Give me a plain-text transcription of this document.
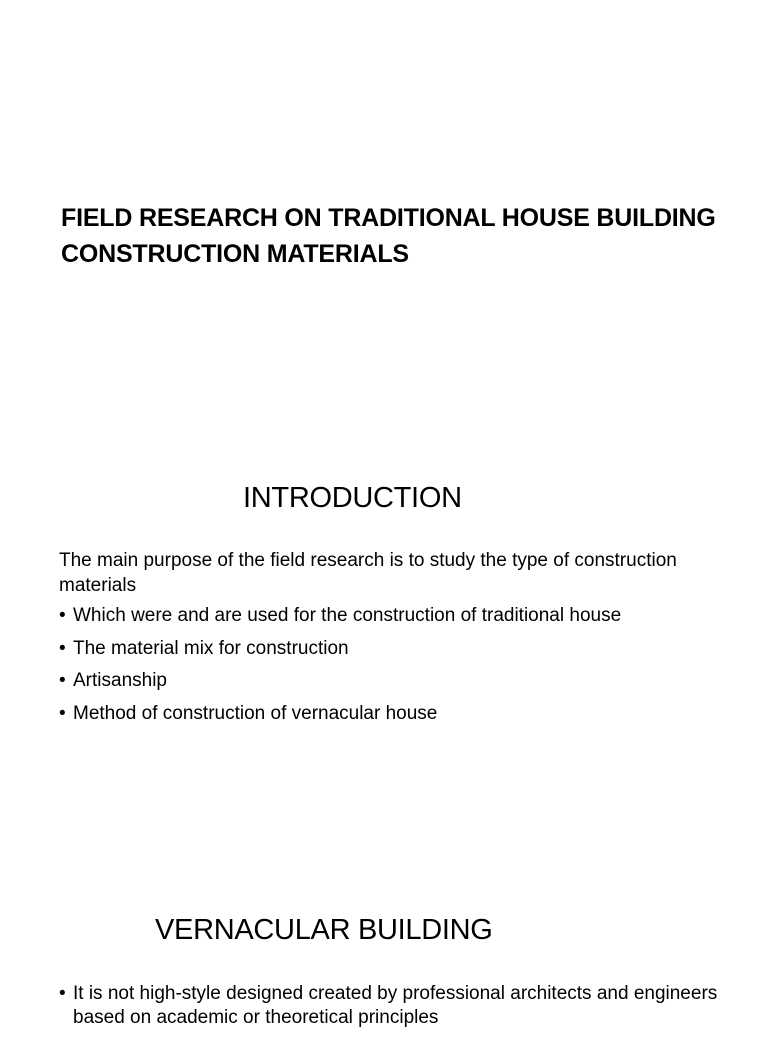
FIELD RESEARCH ON TRADITIONAL HOUSE BUILDING CONSTRUCTION MATERIALS
INTRODUCTION

The main purpose of the field research is to study the type of construction materials

• Which were and are used for the construction of traditional house
• The material mix for construction
• Artisanship
• Method of construction of vernacular house
VERNACULAR BUILDING
• It is not high-style designed created by professional architects and engineers based on academic or theoretical principles
